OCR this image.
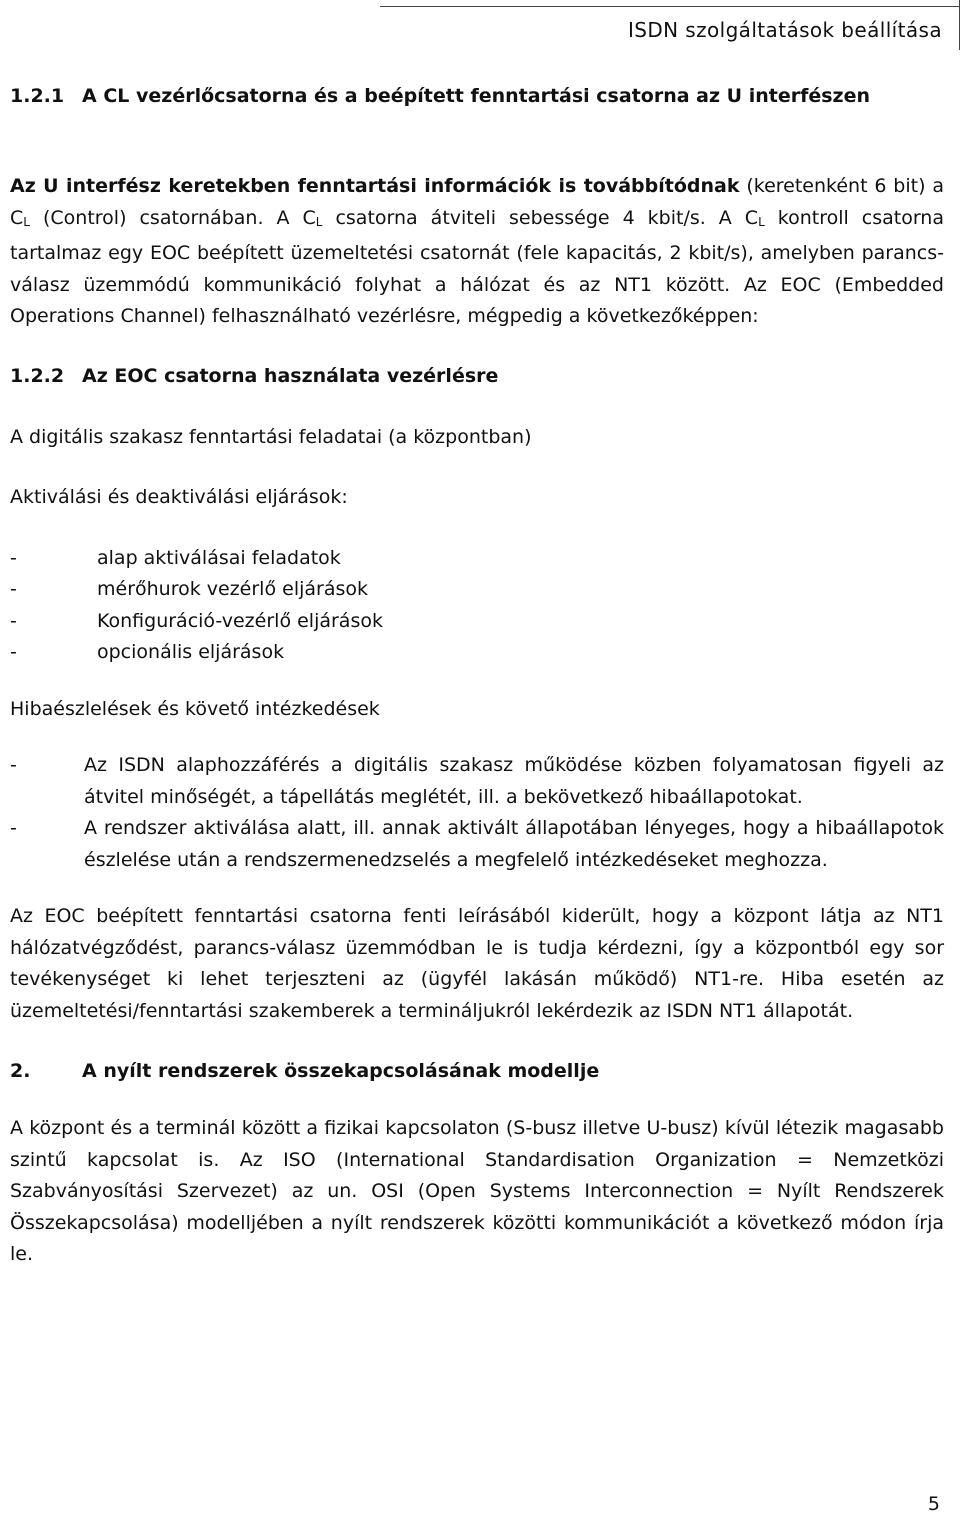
ISDN szolgáltatások beállítása
1.2.1 A CL vezérlőcsatorna és a beépített fenntartási csatorna az U interfészen

Az U interfész keretekben fenntartási információk is továbbítódnak (keretenként 6 bit) a $C_L$ (Control) csatornában. A $C_L$ csatorna átviteli sebessége 4 kbit/s. A $C_L$ kontroll csatorna tartalmaz egy EOC beépített üzemeltetési csatornát (fele kapacitás, 2 kbit/s), amelyben parancs-válasz üzemmódú kommunikáció folyhat a hálózat és az NT1 között. Az EOC (Embedded Operations Channel) felhasználható vezérlésre, mégpedig a következőképpen:

1.2.2 Az EOC csatorna használata vezérlésre

A digitális szakasz fenntartási feladatai (a központban)

Aktiválási és deaktiválási eljárások:

-	alap aktiválásai feladatok
-	mérőhurok vezérlő eljárások
-	Konfiguráció-vezérlő eljárások
-	opcionális eljárások

Hibaészlelések és követő intézkedések

-	Az ISDN alaphozzáférés a digitális szakasz működése közben folyamatosan figyeli az átvitel minőségét, a tápellátás meglétét, ill. a bekövetkező hibaállapotokat.
-	A rendszer aktiválása alatt, ill. annak aktivált állapotában lényeges, hogy a hibaállapotok észlelése után a rendszermenedzselés a megfelelő intézkedéseket meghozza.

Az EOC beépített fenntartási csatorna fenti leírásából kiderült, hogy a központ látja az NT1 hálózatvégződést, parancs-válasz üzemmódban le is tudja kérdezni, így a központból egy sor tevékenységet ki lehet terjeszteni az (ügyfél lakásán működő) NT1-re. Hiba esetén az üzemeltetési/fenntartási szakemberek a termináljukról lekérdezik az ISDN NT1 állapotát.

2.	A nyílt rendszerek összekapcsolásának modellje

A központ és a terminál között a fizikai kapcsolaton (S-busz illetve U-busz) kívül létezik magasabb szintű kapcsolat is. Az ISO (International Standardisation Organization = Nemzetközi Szabványosítási Szervezet) az un. OSI (Open Systems Interconnection = Nyílt Rendszerek Összekapcsolása) modelljében a nyílt rendszerek közötti kommunikációt a következő módon írja le.

5
